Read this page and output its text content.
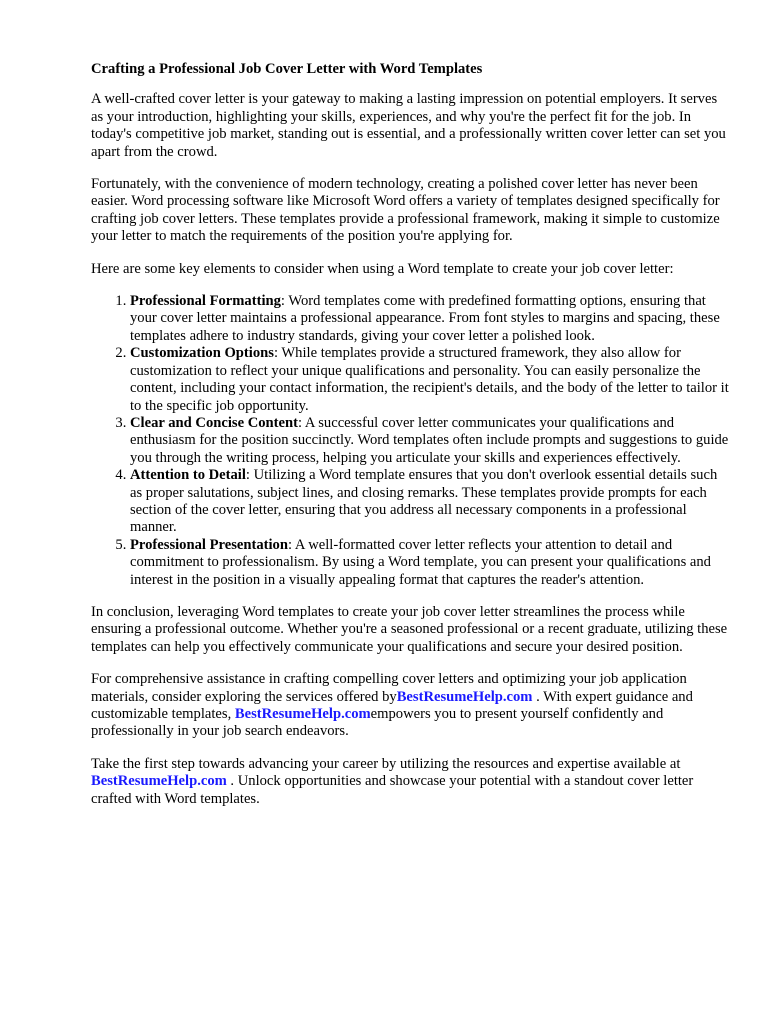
Crafting a Professional Job Cover Letter with Word Templates

A well-crafted cover letter is your gateway to making a lasting impression on potential employers. It serves as your introduction, highlighting your skills, experiences, and why you're the perfect fit for the job. In today's competitive job market, standing out is essential, and a professionally written cover letter can set you apart from the crowd.

Fortunately, with the convenience of modern technology, creating a polished cover letter has never been easier. Word processing software like Microsoft Word offers a variety of templates designed specifically for crafting job cover letters. These templates provide a professional framework, making it simple to customize your letter to match the requirements of the position you're applying for.

Here are some key elements to consider when using a Word template to create your job cover letter:

1. Professional Formatting: Word templates come with predefined formatting options, ensuring that your cover letter maintains a professional appearance. From font styles to margins and spacing, these templates adhere to industry standards, giving your cover letter a polished look.
2. Customization Options: While templates provide a structured framework, they also allow for customization to reflect your unique qualifications and personality. You can easily personalize the content, including your contact information, the recipient's details, and the body of the letter to tailor it to the specific job opportunity.
3. Clear and Concise Content: A successful cover letter communicates your qualifications and enthusiasm for the position succinctly. Word templates often include prompts and suggestions to guide you through the writing process, helping you articulate your skills and experiences effectively.
4. Attention to Detail: Utilizing a Word template ensures that you don't overlook essential details such as proper salutations, subject lines, and closing remarks. These templates provide prompts for each section of the cover letter, ensuring that you address all necessary components in a professional manner.
5. Professional Presentation: A well-formatted cover letter reflects your attention to detail and commitment to professionalism. By using a Word template, you can present your qualifications and interest in the position in a visually appealing format that captures the reader's attention.

In conclusion, leveraging Word templates to create your job cover letter streamlines the process while ensuring a professional outcome. Whether you're a seasoned professional or a recent graduate, utilizing these templates can help you effectively communicate your qualifications and secure your desired position.

For comprehensive assistance in crafting compelling cover letters and optimizing your job application materials, consider exploring the services offered byBestResumeHelp.com . With expert guidance and customizable templates, BestResumeHelp.comempowers you to present yourself confidently and professionally in your job search endeavors.

Take the first step towards advancing your career by utilizing the resources and expertise available at BestResumeHelp.com . Unlock opportunities and showcase your potential with a standout cover letter crafted with Word templates.
